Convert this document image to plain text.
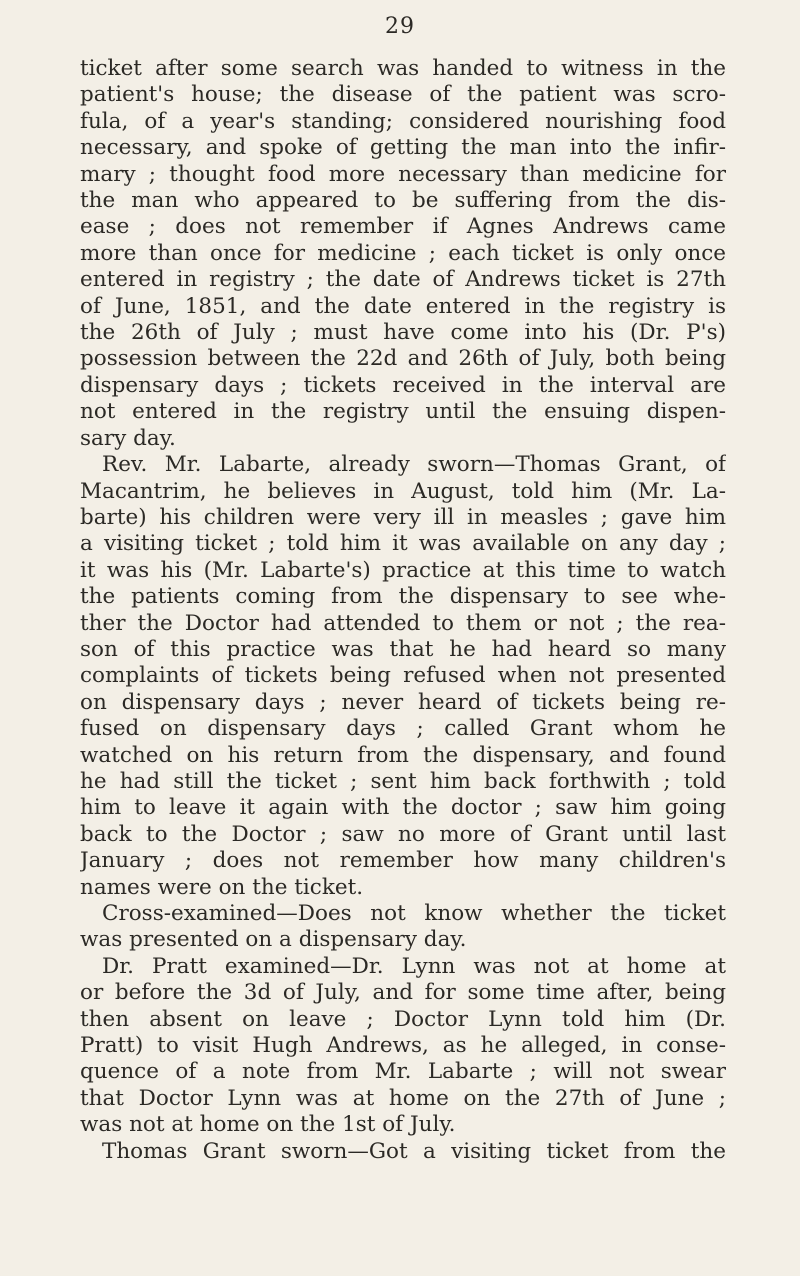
29
ticket after some search was handed to witness in the
patient's house; the disease of the patient was scro-
fula, of a year's standing; considered nourishing food
necessary, and spoke of getting the man into the infir-
mary ; thought food more necessary than medicine for
the man who appeared to be suffering from the dis-
ease ; does not remember if Agnes Andrews came
more than once for medicine ; each ticket is only once
entered in registry ; the date of Andrews ticket is 27th
of June, 1851, and the date entered in the registry is
the 26th of July ; must have come into his (Dr. P's)
possession between the 22d and 26th of July, both being
dispensary days ; tickets received in the interval are
not entered in the registry until the ensuing dispen-
sary day.
Rev. Mr. Labarte, already sworn—Thomas Grant, of
Macantrim, he believes in August, told him (Mr. La-
barte) his children were very ill in measles ; gave him
a visiting ticket ; told him it was available on any day ;
it was his (Mr. Labarte's) practice at this time to watch
the patients coming from the dispensary to see whe-
ther the Doctor had attended to them or not ; the rea-
son of this practice was that he had heard so many
complaints of tickets being refused when not presented
on dispensary days ; never heard of tickets being re-
fused on dispensary days ; called Grant whom he
watched on his return from the dispensary, and found
he had still the ticket ; sent him back forthwith ; told
him to leave it again with the doctor ; saw him going
back to the Doctor ; saw no more of Grant until last
January ; does not remember how many children's
names were on the ticket.
Cross-examined—Does not know whether the ticket
was presented on a dispensary day.
Dr. Pratt examined—Dr. Lynn was not at home at
or before the 3d of July, and for some time after, being
then absent on leave ; Doctor Lynn told him (Dr.
Pratt) to visit Hugh Andrews, as he alleged, in conse-
quence of a note from Mr. Labarte ; will not swear
that Doctor Lynn was at home on the 27th of June ;
was not at home on the 1st of July.
Thomas Grant sworn—Got a visiting ticket from the
